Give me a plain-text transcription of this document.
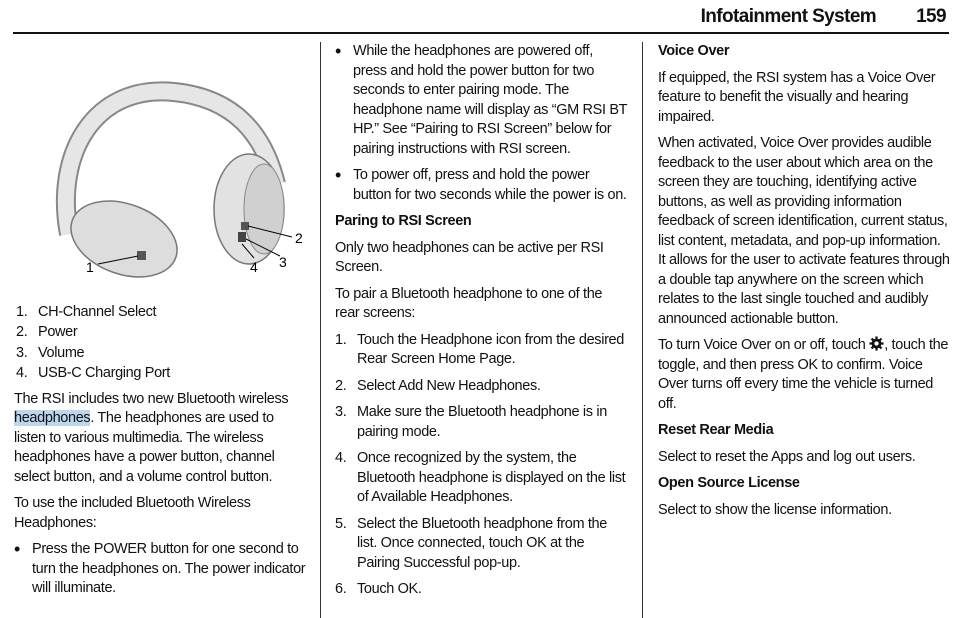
Infotainment System 159
1
2
3
4
1. CH-Channel Select
2. Power
3. Volume
4. USB-C Charging Port

The RSI includes two new Bluetooth wireless headphones. The headphones are used to listen to various multimedia. The wireless headphones have a power button, channel select button, and a volume control button.

To use the included Bluetooth Wireless Headphones:

• Press the POWER button for one second to turn the headphones on. The power indicator will illuminate.
• While the headphones are powered off, press and hold the power button for two seconds to enter pairing mode. The headphone name will display as “GM RSI BT HP.” See “Pairing to RSI Screen” below for pairing instructions with RSI screen.
• To power off, press and hold the power button for two seconds while the power is on.
Paring to RSI Screen

Only two headphones can be active per RSI Screen.

To pair a Bluetooth headphone to one of the rear screens:

1. Touch the Headphone icon from the desired Rear Screen Home Page.
2. Select Add New Headphones.
3. Make sure the Bluetooth headphone is in pairing mode.
4. Once recognized by the system, the Bluetooth headphone is displayed on the list of Available Headphones.
5. Select the Bluetooth headphone from the list. Once connected, touch OK at the Pairing Successful pop-up.
6. Touch OK.
Voice Over

If equipped, the RSI system has a Voice Over feature to benefit the visually and hearing impaired.

When activated, Voice Over provides audible feedback to the user about which area on the screen they are touching, identifying active buttons, as well as providing information feedback of screen identification, current status, list content, metadata, and pop-up information. It allows for the user to activate features through a double tap anywhere on the screen which relates to the last single touched and audibly announced actionable button.

To turn Voice Over on or off, touch , touch the toggle, and then press OK to confirm. Voice Over turns off every time the vehicle is turned off.

Reset Rear Media

Select to reset the Apps and log out users.

Open Source License

Select to show the license information.
